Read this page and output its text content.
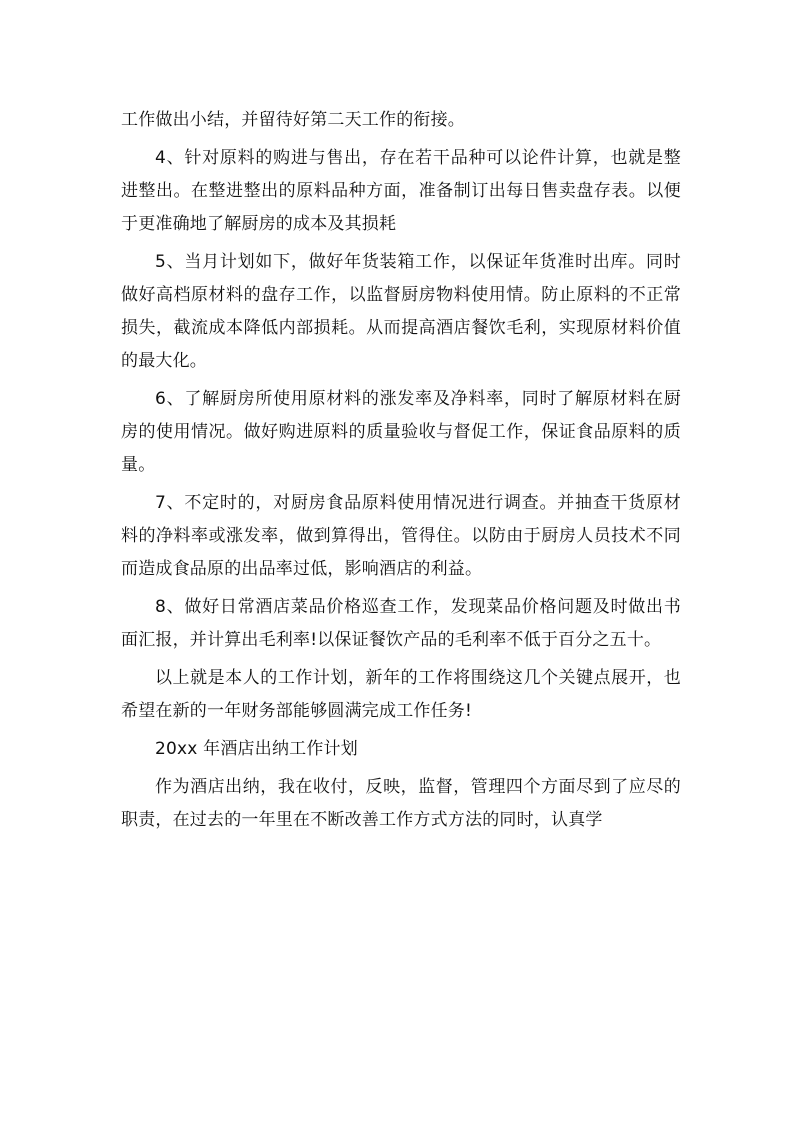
工作做出小结，并留待好第二天工作的衔接。

4、针对原料的购进与售出，存在若干品种可以论件计算，也就是整进整出。在整进整出的原料品种方面，准备制订出每日售卖盘存表。以便于更准确地了解厨房的成本及其损耗

5、当月计划如下，做好年货装箱工作，以保证年货准时出库。同时做好高档原材料的盘存工作，以监督厨房物料使用情。防止原料的不正常损失，截流成本降低内部损耗。从而提高酒店餐饮毛利，实现原材料价值的最大化。

6、了解厨房所使用原材料的涨发率及净料率，同时了解原材料在厨房的使用情况。做好购进原料的质量验收与督促工作，保证食品原料的质量。

7、不定时的，对厨房食品原料使用情况进行调查。并抽查干货原材料的净料率或涨发率，做到算得出，管得住。以防由于厨房人员技术不同而造成食品原的出品率过低，影响酒店的利益。

8、做好日常酒店菜品价格巡查工作，发现菜品价格问题及时做出书面汇报，并计算出毛利率!以保证餐饮产品的毛利率不低于百分之五十。

以上就是本人的工作计划，新年的工作将围绕这几个关键点展开，也希望在新的一年财务部能够圆满完成工作任务!

20xx 年酒店出纳工作计划

作为酒店出纳，我在收付，反映，监督，管理四个方面尽到了应尽的职责，在过去的一年里在不断改善工作方式方法的同时，认真学
